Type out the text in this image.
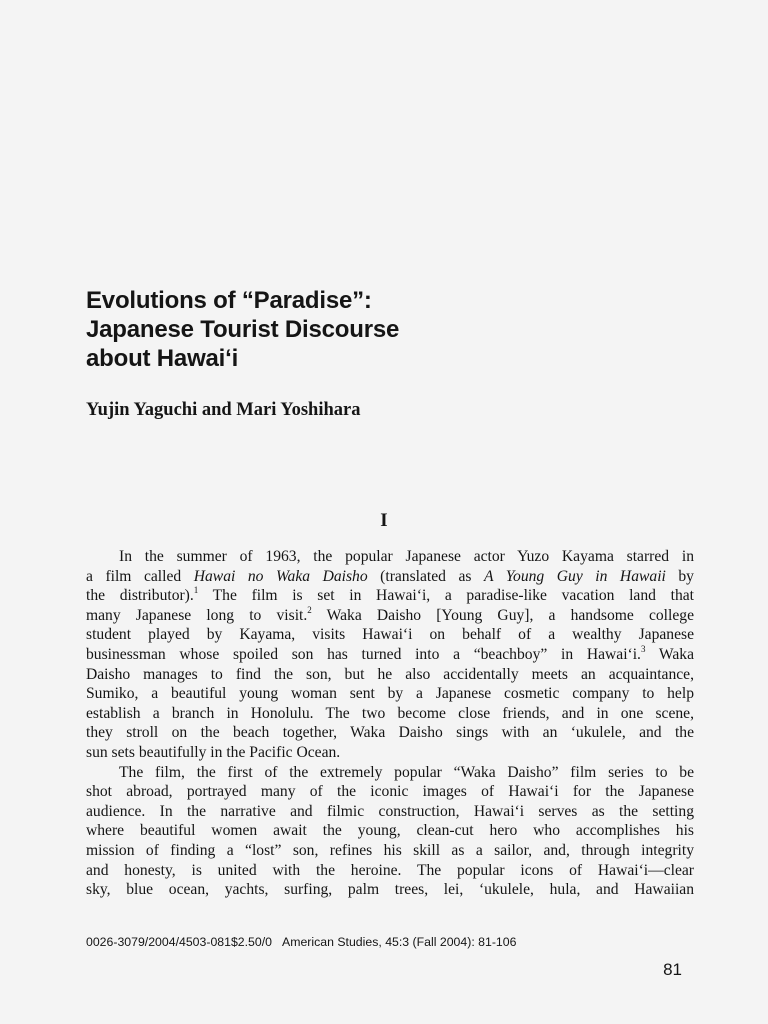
Evolutions of “Paradise”:
Japanese Tourist Discourse
about Hawai‘i
Yujin Yaguchi and Mari Yoshihara
I
In the summer of 1963, the popular Japanese actor Yuzo Kayama starred in
a film called Hawai no Waka Daisho (translated as A Young Guy in Hawaii by
the distributor).$^1$ The film is set in Hawai‘i, a paradise-like vacation land that
many Japanese long to visit.$^2$ Waka Daisho [Young Guy], a handsome college
student played by Kayama, visits Hawai‘i on behalf of a wealthy Japanese
businessman whose spoiled son has turned into a “beachboy” in Hawai‘i.$^3$ Waka
Daisho manages to find the son, but he also accidentally meets an acquaintance,
Sumiko, a beautiful young woman sent by a Japanese cosmetic company to help
establish a branch in Honolulu. The two become close friends, and in one scene,
they stroll on the beach together, Waka Daisho sings with an ‘ukulele, and the
sun sets beautifully in the Pacific Ocean.
The film, the first of the extremely popular “Waka Daisho” film series to be
shot abroad, portrayed many of the iconic images of Hawai‘i for the Japanese
audience. In the narrative and filmic construction, Hawai‘i serves as the setting
where beautiful women await the young, clean-cut hero who accomplishes his
mission of finding a “lost” son, refines his skill as a sailor, and, through integrity
and honesty, is united with the heroine. The popular icons of Hawai‘i—clear
sky, blue ocean, yachts, surfing, palm trees, lei, ‘ukulele, hula, and Hawaiian
0026-3079/2004/4503-081$2.50/0 American Studies, 45:3 (Fall 2004): 81-106
81
